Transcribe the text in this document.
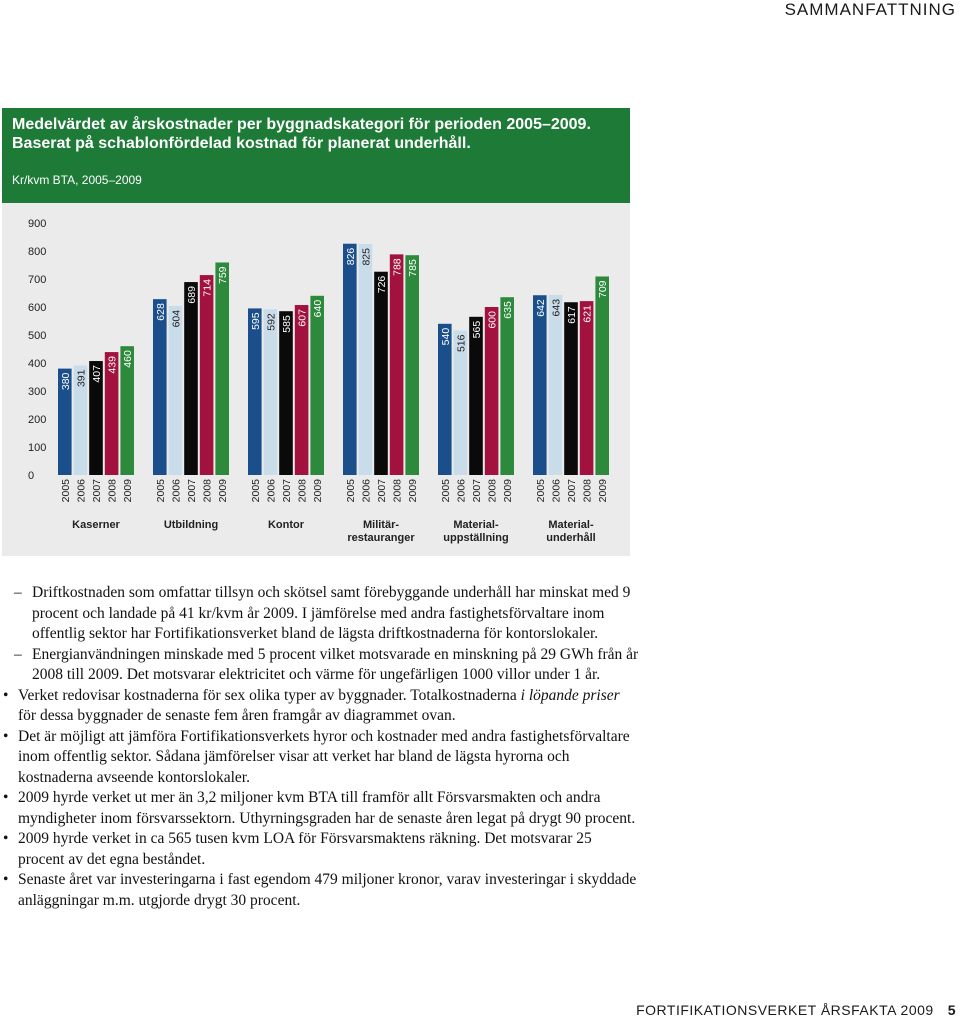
SAMMANFATTNING

Medelvärdet av årskostnader per byggnadskategori för perioden 2005–2009. Baserat på schablonfördelad kostnad för planerat underhåll.

Kr/kvm BTA, 2005–2009
0
100
200
300
400
500
600
700
800
900
380
2005
391
2006
407
2007
439
2008
460
2009
Kaserner
628
2005
604
2006
689
2007
714
2008
759
2009
Utbildning
595
2005
592
2006
585
2007
607
2008
640
2009
Kontor
826
2005
825
2006
726
2007
788
2008
785
2009
Militär-
restauranger
540
2005
516
2006
565
2007
600
2008
635
2009
Material-
uppställning
642
2005
643
2006
617
2007
621
2008
709
2009
Material-
underhåll

– Driftkostnaden som omfattar tillsyn och skötsel samt förebyggande underhåll har minskat med 9 procent och landade på 41 kr/kvm år 2009. I jämförelse med andra fastighetsförvaltare inom offentlig sektor har Fortifikationsverket bland de lägsta driftkostnaderna för kontorslokaler.

– Energianvändningen minskade med 5 procent vilket motsvarade en minskning på 29 GWh från år 2008 till 2009. Det motsvarar elektricitet och värme för ungefärligen 1000 villor under 1 år.

• Verket redovisar kostnaderna för sex olika typer av byggnader. Totalkostnaderna i löpande priser för dessa byggnader de senaste fem åren framgår av diagrammet ovan.

• Det är möjligt att jämföra Fortifikationsverkets hyror och kostnader med andra fastighetsförvaltare inom offentlig sektor. Sådana jämförelser visar att verket har bland de lägsta hyrorna och kostnaderna avseende kontorslokaler.

• 2009 hyrde verket ut mer än 3,2 miljoner kvm BTA till framför allt Försvarsmakten och andra myndigheter inom försvarssektorn. Uthyrningsgraden har de senaste åren legat på drygt 90 procent.

• 2009 hyrde verket in ca 565 tusen kvm LOA för Försvarsmaktens räkning. Det motsvarar 25 procent av det egna beståndet.

• Senaste året var investeringarna i fast egendom 479 miljoner kronor, varav investeringar i skyddade anläggningar m.m. utgjorde drygt 30 procent.

FORTIFIKATIONSVERKET ÅRSFAKTA 2009 5
